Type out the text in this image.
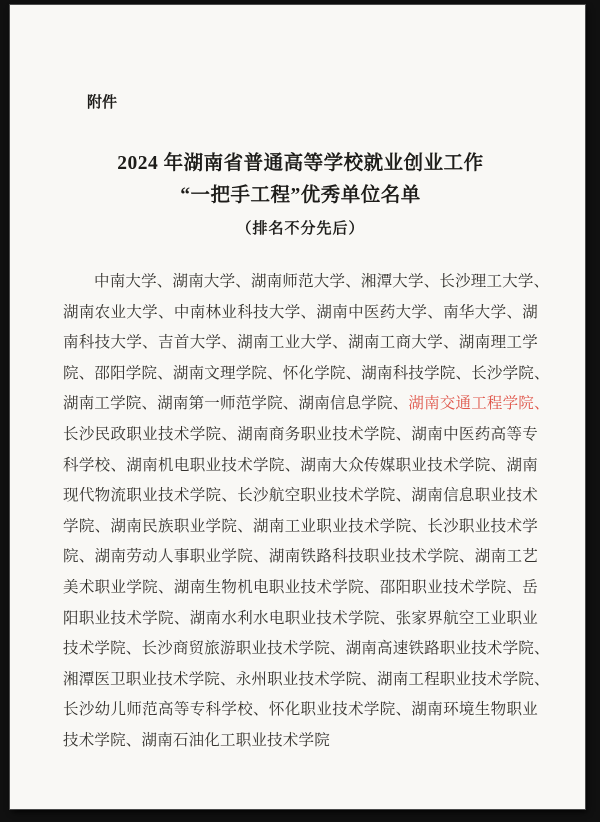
附件
2024 年湖南省普通高等学校就业创业工作
“一把手工程”优秀单位名单
（排名不分先后）
中南大学、湖南大学、湖南师范大学、湘潭大学、长沙理工大学、
湖南农业大学、中南林业科技大学、湖南中医药大学、南华大学、湖
南科技大学、吉首大学、湖南工业大学、湖南工商大学、湖南理工学
院、邵阳学院、湖南文理学院、怀化学院、湖南科技学院、长沙学院、
湖南工学院、湖南第一师范学院、湖南信息学院、湖南交通工程学院、
长沙民政职业技术学院、湖南商务职业技术学院、湖南中医药高等专
科学校、湖南机电职业技术学院、湖南大众传媒职业技术学院、湖南
现代物流职业技术学院、长沙航空职业技术学院、湖南信息职业技术
学院、湖南民族职业学院、湖南工业职业技术学院、长沙职业技术学
院、湖南劳动人事职业学院、湖南铁路科技职业技术学院、湖南工艺
美术职业学院、湖南生物机电职业技术学院、邵阳职业技术学院、岳
阳职业技术学院、湖南水利水电职业技术学院、张家界航空工业职业
技术学院、长沙商贸旅游职业技术学院、湖南高速铁路职业技术学院、
湘潭医卫职业技术学院、永州职业技术学院、湖南工程职业技术学院、
长沙幼儿师范高等专科学校、怀化职业技术学院、湖南环境生物职业
技术学院、湖南石油化工职业技术学院
